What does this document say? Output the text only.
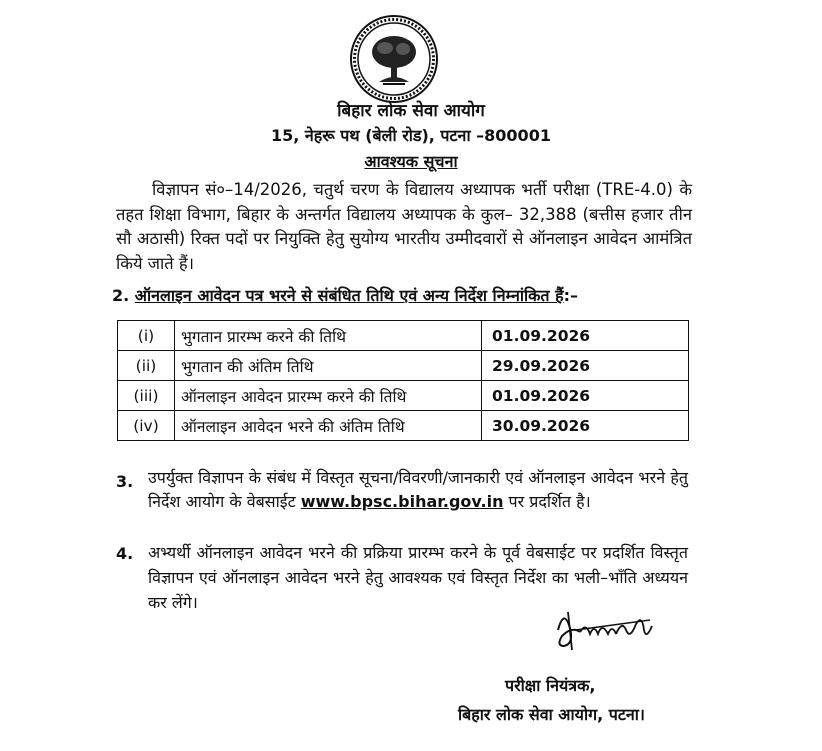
बिहार लोक सेवा आयोग
15, नेहरू पथ (बेली रोड), पटना –800001
आवश्यक सूचना
विज्ञापन सं०–14/2026, चतुर्थ चरण के विद्यालय अध्यापक भर्ती परीक्षा (TRE-4.0) के तहत शिक्षा विभाग, बिहार के अन्तर्गत विद्यालय अध्यापक के कुल– 32,388 (बत्तीस हजार तीन सौ अठासी) रिक्त पदों पर नियुक्ति हेतु सुयोग्य भारतीय उम्मीदवारों से ऑनलाइन आवेदन आमंत्रित किये जाते हैं।
2. ऑनलाइन आवेदन पत्र भरने से संबंधित तिथि एवं अन्य निर्देश निम्नांकित हैं:–
(i)	भुगतान प्रारम्भ करने की तिथि	01.09.2026
(ii)	भुगतान की अंतिम तिथि	29.09.2026
(iii)	ऑनलाइन आवेदन प्रारम्भ करने की तिथि	01.09.2026
(iv)	ऑनलाइन आवेदन भरने की अंतिम तिथि	30.09.2026
3. उपर्युक्त विज्ञापन के संबंध में विस्तृत सूचना/विवरणी/जानकारी एवं ऑनलाइन आवेदन भरने हेतु निर्देश आयोग के वेबसाईट www.bpsc.bihar.gov.in पर प्रदर्शित है।
4. अभ्यर्थी ऑनलाइन आवेदन भरने की प्रक्रिया प्रारम्भ करने के पूर्व वेबसाईट पर प्रदर्शित विस्तृत विज्ञापन एवं ऑनलाइन आवेदन भरने हेतु आवश्यक एवं विस्तृत निर्देश का भली–भाँति अध्ययन कर लेंगे।
परीक्षा नियंत्रक,
बिहार लोक सेवा आयोग, पटना।
